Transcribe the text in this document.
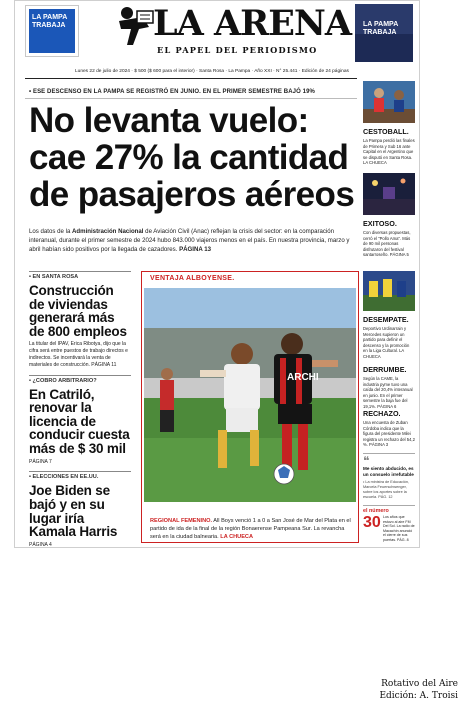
LA PAMPA TRABAJA	LA ARENA
EL PAPEL DEL PERIODISMO
LA PAMPA TRABAJA
Lunes 22 de julio de 2024 · $ 500 ($ 600 para el interior) · Santa Rosa · La Pampa · Año XXI · N° 25.441 · Edición de 24 páginas
• ESE DESCENSO EN LA PAMPA SE REGISTRÓ EN JUNIO. EN EL PRIMER SEMESTRE BAJÓ 19%
No levanta vuelo:
cae 27% la cantidad
de pasajeros aéreos
Los datos de la Administración Nacional de Aviación Civil (Anac) reflejan la crisis del sector: en la comparación interanual, durante el primer semestre de 2024 hubo 843.000 viajeros menos en el país. En nuestra provincia, marzo y abril habían sido positivos por la llegada de cazadores. PÁGINA 13
• EN SANTA ROSA
Construcción de viviendas generará más de 800 empleos
La titular del IPAV, Erica Ribotya, dijo que la cifra será entre puestos de trabajo directos e indirectos. Se incentivará la venta de materiales de construcción. PÁGINA 11
• ¿COBRO ARBITRARIO?
En Catriló, renovar la licencia de conducir cuesta más de $ 30 mil
PÁGINA 7
• ELECCIONES EN EE.UU.
Joe Biden se bajó y en su lugar iría Kamala Harris
PÁGINA 4
VENTAJA ALBOYENSE.
ARCHI
REGIONAL FEMENINO. All Boys venció 1 a 0 a San José de Mar del Plata en el partido de ida de la final de la región Bonaerense Pampeana Sur. La revancha será en la ciudad balnearia. LA CHUECA
CESTOBALL.
La Pampa perdió las finales de Primera y Sub 16 ante Capital en el Argentino que se disputó en Santa Rosa. LA CHUECA
EXITOSO.
Con diversas propuestas, cerró el "Pollo Ama". Más de 90 mil personas disfrutaron del festival santarroseño. PÁGINA 5
DESEMPATE.
Deportivo Urdinarrain y Mercedes supieron un partido para definir el descenso y la promoción en la Liga Cultural. LA CHUECA
DERRUMBE.
Según la CAME, la industria pyme tuvo una caída del 20,4% interanual en junio. En el primer semestre la baja fue del 19,1%. PÁGINA 6
RECHAZO.
Una encuesta de Zuban Córdoba indica que la figura del presidente Milei registra un rechazo del 54,2 %. PÁGINA 3
❝
Me siento abducido, es un consuelo irrefutable
• La ministra de Educación, Marcela Feuerschwenger, sobre los aportes sobre la escuela. PÁG. 12
el número
30 Los años que estuvo al aire FM Del Sol. La radio de Macachín anunció el cierre de sus puertas. PÁG. 8
Rotativo del Aire
Edición: A. Troisi
